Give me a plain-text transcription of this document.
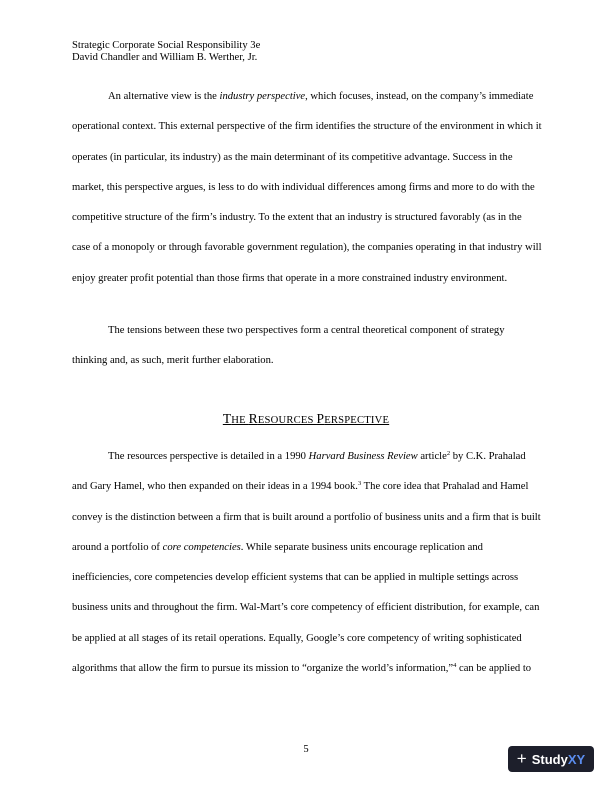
Strategic Corporate Social Responsibility 3e
David Chandler and William B. Werther, Jr.

An alternative view is the industry perspective, which focuses, instead, on the company’s immediate operational context. This external perspective of the firm identifies the structure of the environment in which it operates (in particular, its industry) as the main determinant of its competitive advantage. Success in the market, this perspective argues, is less to do with individual differences among firms and more to do with the competitive structure of the firm’s industry. To the extent that an industry is structured favorably (as in the case of a monopoly or through favorable government regulation), the companies operating in that industry will enjoy greater profit potential than those firms that operate in a more constrained industry environment.

The tensions between these two perspectives form a central theoretical component of strategy thinking and, as such, merit further elaboration.

THE RESOURCES PERSPECTIVE

The resources perspective is detailed in a 1990 Harvard Business Review article$^2$ by C.K. Prahalad and Gary Hamel, who then expanded on their ideas in a 1994 book.$^3$ The core idea that Prahalad and Hamel convey is the distinction between a firm that is built around a portfolio of business units and a firm that is built around a portfolio of core competencies. While separate business units encourage replication and inefficiencies, core competencies develop efficient systems that can be applied in multiple settings across business units and throughout the firm. Wal-Mart’s core competency of efficient distribution, for example, can be applied at all stages of its retail operations. Equally, Google’s core competency of writing sophisticated algorithms that allow the firm to pursue its mission to “organize the world’s information,”$^4$ can be applied to

5	+ StudyXY
